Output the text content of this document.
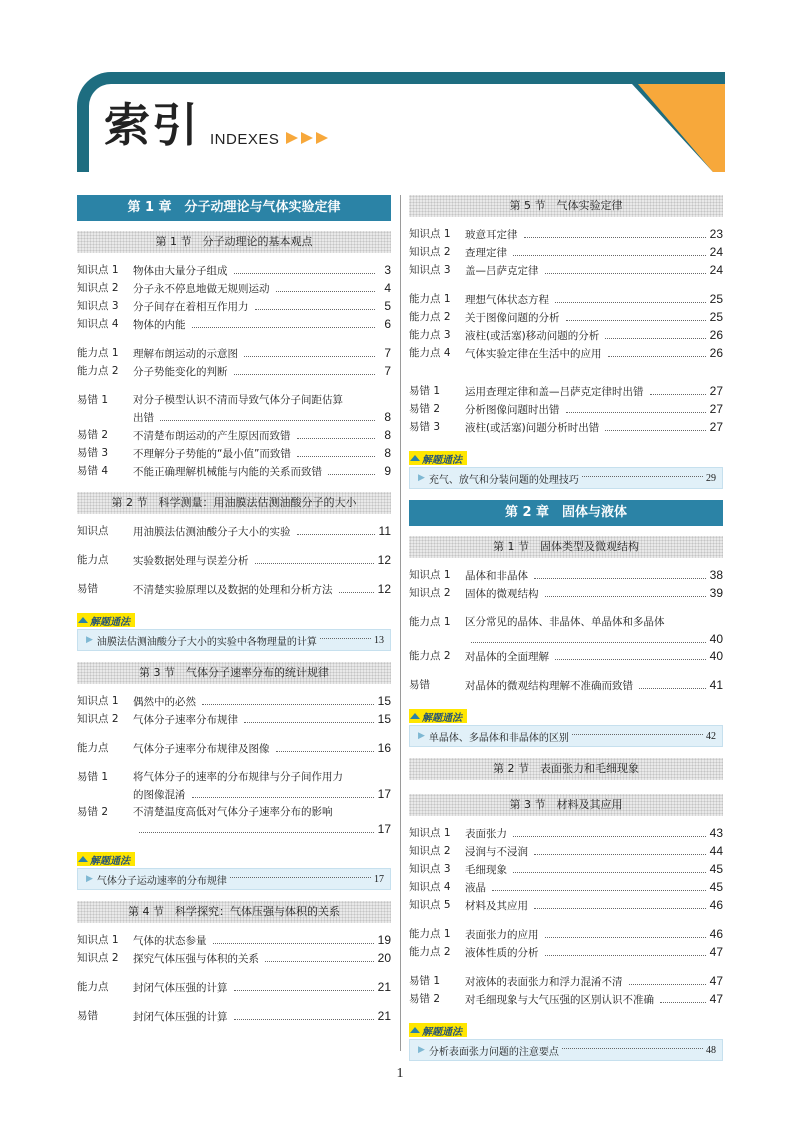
索引 INDEXES
第 1 章　分子动理论与气体实验定律
第 1 节　分子动理论的基本观点
知识点 1	物体由大量分子组成	3
知识点 2	分子永不停息地做无规则运动	4
知识点 3	分子间存在着相互作用力	5
知识点 4	物体的内能	6
能力点 1	理解布朗运动的示意图	7
能力点 2	分子势能变化的判断	7
易错 1	对分子模型认识不清而导致气体分子间距估算
出错	8
易错 2	不清楚布朗运动的产生原因而致错	8
易错 3	不理解分子势能的“最小值”而致错	8
易错 4	不能正确理解机械能与内能的关系而致错	9
第 2 节　科学测量：用油膜法估测油酸分子的大小
知识点	用油膜法估测油酸分子大小的实验	11
能力点	实验数据处理与误差分析	12
易错	不清楚实验原理以及数据的处理和分析方法	12
解题通法
▶ 油膜法估测油酸分子大小的实验中各物理量的计算	13
第 3 节　气体分子速率分布的统计规律
知识点 1	偶然中的必然	15
知识点 2	气体分子速率分布规律	15
能力点	气体分子速率分布规律及图像	16
易错 1	将气体分子的速率的分布规律与分子间作用力
的图像混淆	17
易错 2	不清楚温度高低对气体分子速率分布的影响
17
解题通法
▶ 气体分子运动速率的分布规律	17
第 4 节　科学探究：气体压强与体积的关系
知识点 1	气体的状态参量	19
知识点 2	探究气体压强与体积的关系	20
能力点	封闭气体压强的计算	21
易错	封闭气体压强的计算	21
第 5 节　气体实验定律
知识点 1	玻意耳定律	23
知识点 2	查理定律	24
知识点 3	盖—吕萨克定律	24
能力点 1	理想气体状态方程	25
能力点 2	关于图像问题的分析	25
能力点 3	液柱(或活塞)移动问题的分析	26
能力点 4	气体实验定律在生活中的应用	26
易错 1	运用查理定律和盖—吕萨克定律时出错	27
易错 2	分析图像问题时出错	27
易错 3	液柱(或活塞)问题分析时出错	27
解题通法
▶ 充气、放气和分装问题的处理技巧	29
第 2 章　固体与液体
第 1 节　固体类型及微观结构
知识点 1	晶体和非晶体	38
知识点 2	固体的微观结构	39
能力点 1	区分常见的晶体、非晶体、单晶体和多晶体
40
能力点 2	对晶体的全面理解	40
易错	对晶体的微观结构理解不准确而致错	41
解题通法
▶ 单晶体、多晶体和非晶体的区别	42
第 2 节　表面张力和毛细现象
第 3 节　材料及其应用
知识点 1	表面张力	43
知识点 2	浸润与不浸润	44
知识点 3	毛细现象	45
知识点 4	液晶	45
知识点 5	材料及其应用	46
能力点 1	表面张力的应用	46
能力点 2	液体性质的分析	47
易错 1	对液体的表面张力和浮力混淆不清	47
易错 2	对毛细现象与大气压强的区别认识不准确	47
解题通法
▶ 分析表面张力问题的注意要点	48
1
